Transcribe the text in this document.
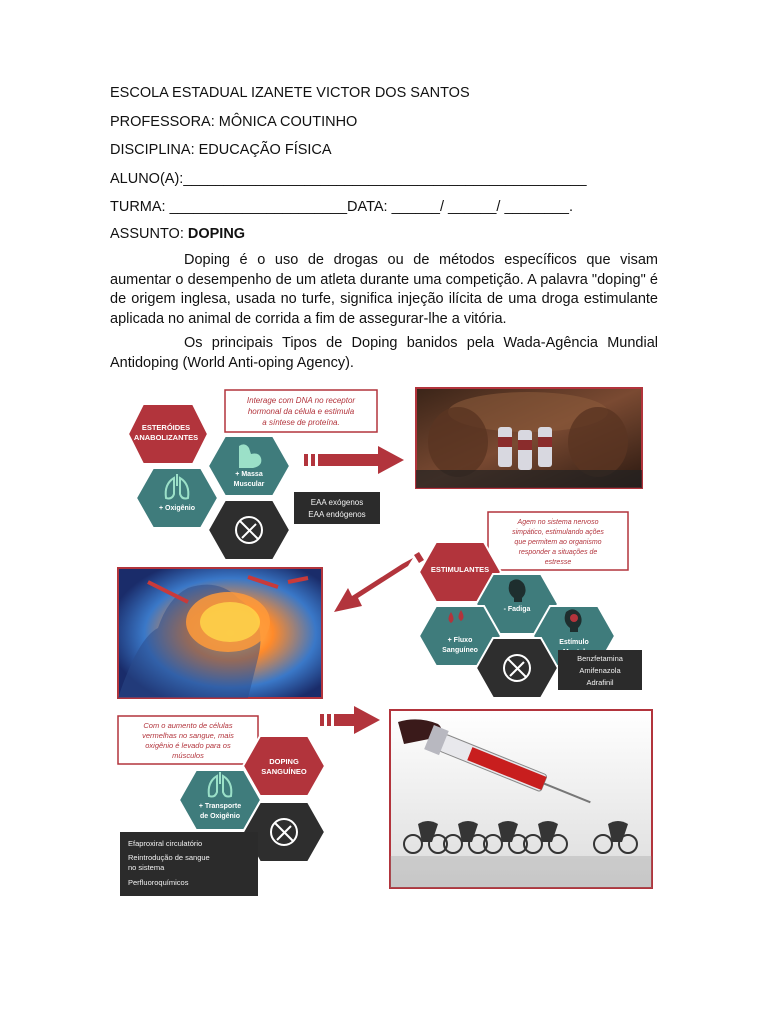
ESCOLA ESTADUAL IZANETE VICTOR DOS SANTOS
PROFESSORA: MÔNICA COUTINHO
DISCIPLINA: EDUCAÇÃO FÍSICA
ALUNO(A):__________________________________________________
TURMA: ______________________DATA: ______/ ______/ ________.
ASSUNTO: DOPING
Doping é o uso de drogas ou de métodos específicos que visam aumentar o desempenho de um atleta durante uma competição. A palavra "doping" é de origem inglesa, usada no turfe, significa injeção ilícita de uma droga estimulante aplicada no animal de corrida a fim de assegurar-lhe a vitória.
Os principais Tipos de Doping banidos pela Wada-Agência Mundial Antidoping (World Anti-oping Agency).
Interage com DNA no receptor
hormonal da célula e estimula
a síntese de proteína.
ESTERÓIDES
ANABOLIZANTES
+ Massa
Muscular
+ Oxigênio
EAA exógenos
EAA endógenos
Agem no sistema nervoso
simpático, estimulando ações
que permitem ao organismo
responder a situações de
estresse
ESTIMULANTES
- Fadiga
+ Fluxo
Sanguíneo
Estímulo
Benzfetamina
Amifenazola
Adrafinil
Com o aumento de células
vermelhas no sangue, mais
oxigênio é levado para os
músculos
DOPING
SANGUÍNEO
+ Transporte
de Oxigênio
Efaproxiral circulatório
Reintrodução de sangue
no sistema
Perfluoroquímicos
